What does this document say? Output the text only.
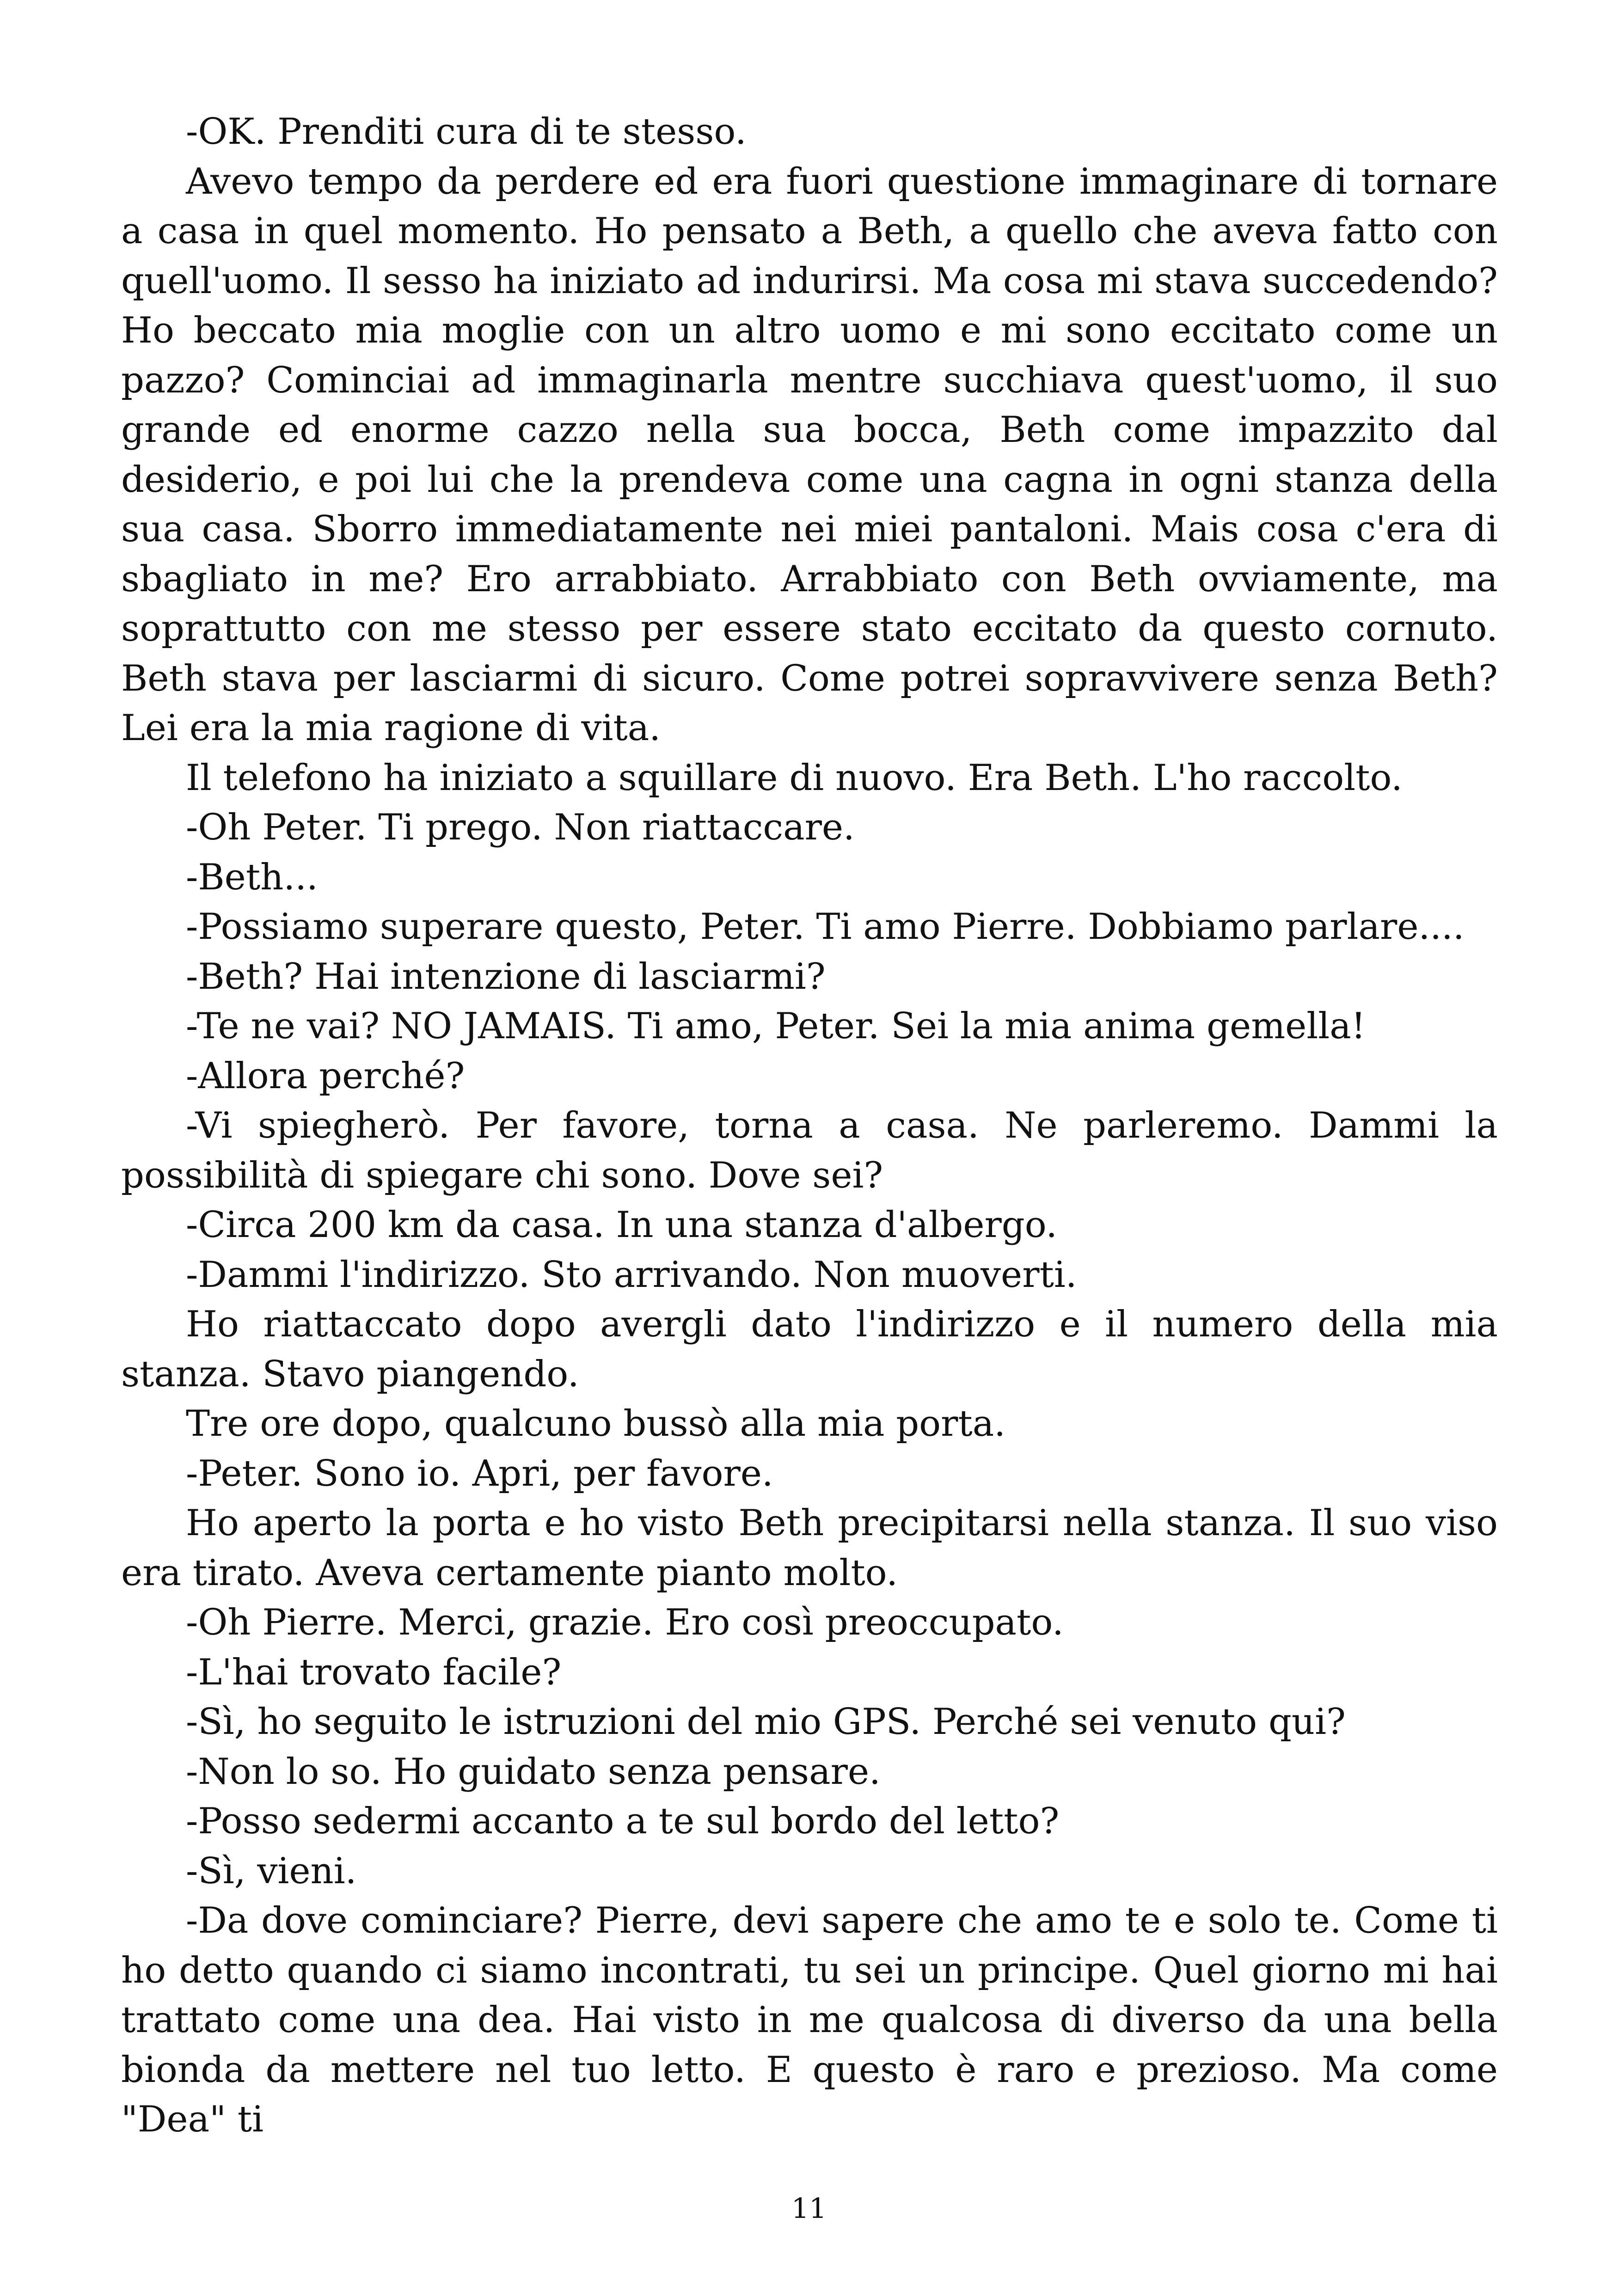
-OK. Prenditi cura di te stesso.

Avevo tempo da perdere ed era fuori questione immaginare di tornare a casa in quel momento. Ho pensato a Beth, a quello che aveva fatto con quell'uomo. Il sesso ha iniziato ad indurirsi. Ma cosa mi stava succedendo? Ho beccato mia moglie con un altro uomo e mi sono eccitato come un pazzo? Cominciai ad immaginarla mentre succhiava quest'uomo, il suo grande ed enorme cazzo nella sua bocca, Beth come impazzito dal desiderio, e poi lui che la prendeva come una cagna in ogni stanza della sua casa. Sborro immediatamente nei miei pantaloni. Mais cosa c'era di sbagliato in me? Ero arrabbiato. Arrabbiato con Beth ovviamente, ma soprattutto con me stesso per essere stato eccitato da questo cornuto. Beth stava per lasciarmi di sicuro. Come potrei sopravvivere senza Beth? Lei era la mia ragione di vita.

Il telefono ha iniziato a squillare di nuovo. Era Beth. L'ho raccolto.

-Oh Peter. Ti prego. Non riattaccare.

-Beth...

-Possiamo superare questo, Peter. Ti amo Pierre. Dobbiamo parlare....

-Beth? Hai intenzione di lasciarmi?

-Te ne vai? NO JAMAIS. Ti amo, Peter. Sei la mia anima gemella!

-Allora perché?

-Vi spiegherò. Per favore, torna a casa. Ne parleremo. Dammi la possibilità di spiegare chi sono. Dove sei?

-Circa 200 km da casa. In una stanza d'albergo.

-Dammi l'indirizzo. Sto arrivando. Non muoverti.

Ho riattaccato dopo avergli dato l'indirizzo e il numero della mia stanza. Stavo piangendo.

Tre ore dopo, qualcuno bussò alla mia porta.

-Peter. Sono io. Apri, per favore.

Ho aperto la porta e ho visto Beth precipitarsi nella stanza. Il suo viso era tirato. Aveva certamente pianto molto.

-Oh Pierre. Merci, grazie. Ero così preoccupato.

-L'hai trovato facile?

-Sì, ho seguito le istruzioni del mio GPS. Perché sei venuto qui?

-Non lo so. Ho guidato senza pensare.

-Posso sedermi accanto a te sul bordo del letto?

-Sì, vieni.

-Da dove cominciare? Pierre, devi sapere che amo te e solo te. Come ti ho detto quando ci siamo incontrati, tu sei un principe. Quel giorno mi hai trattato come una dea. Hai visto in me qualcosa di diverso da una bella bionda da mettere nel tuo letto. E questo è raro e prezioso. Ma come "Dea" ti

11
